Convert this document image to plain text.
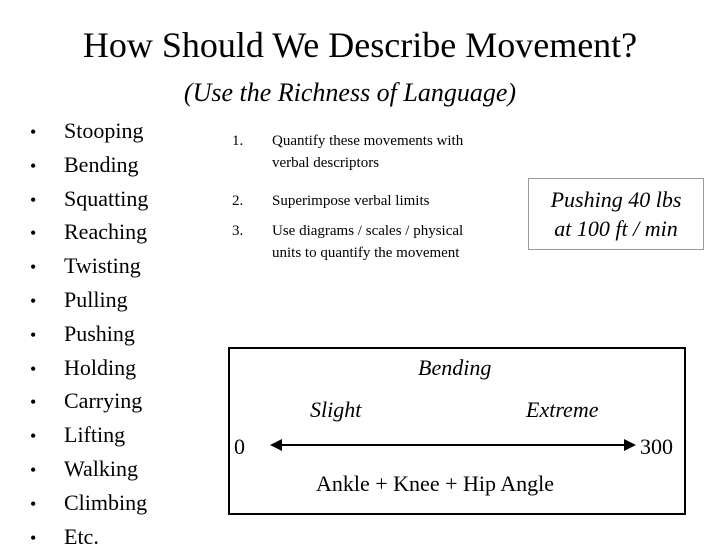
How Should We Describe Movement?
(Use the Richness of Language)
• Stooping
• Bending
• Squatting
• Reaching
• Twisting
• Pulling
• Pushing
• Holding
• Carrying
• Lifting
• Walking
• Climbing
• Etc.
1. Quantify these movements with verbal descriptors
2. Superimpose verbal limits
3. Use diagrams / scales / physical units to quantify the movement
Pushing 40 lbs
at 100 ft / min
Bending
Slight	Extreme
0	300
Ankle + Knee + Hip Angle
